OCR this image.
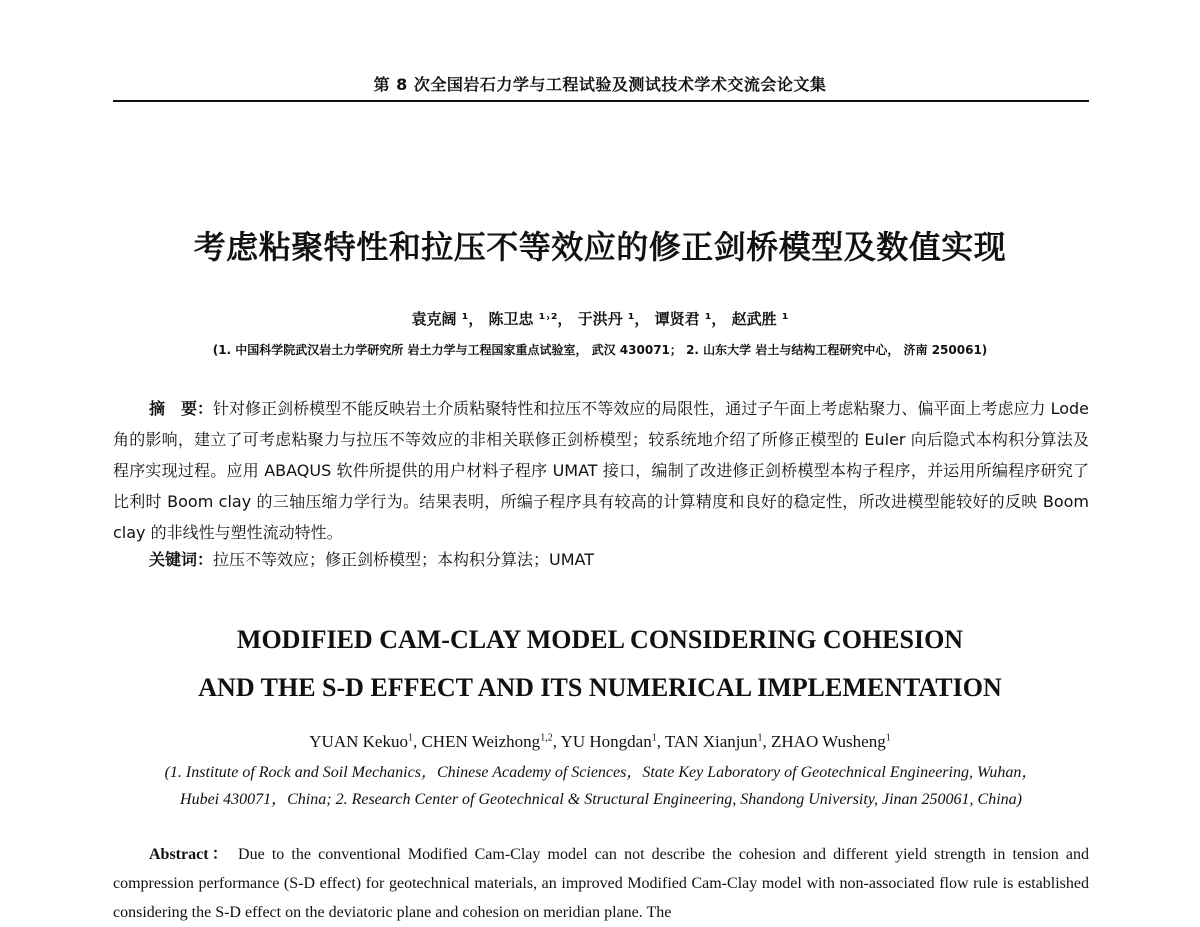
第 8 次全国岩石力学与工程试验及测试技术学术交流会论文集
考虑粘聚特性和拉压不等效应的修正剑桥模型及数值实现
袁克阔 ¹， 陈卫忠 ¹˒²， 于洪丹 ¹， 谭贤君 ¹， 赵武胜 ¹
(1. 中国科学院武汉岩土力学研究所 岩土力学与工程国家重点试验室， 武汉 430071； 2. 山东大学 岩土与结构工程研究中心， 济南 250061)

摘　要：针对修正剑桥模型不能反映岩土介质粘聚特性和拉压不等效应的局限性，通过子午面上考虑粘聚力、偏平面上考虑应力 Lode 角的影响，建立了可考虑粘聚力与拉压不等效应的非相关联修正剑桥模型；较系统地介绍了所修正模型的 Euler 向后隐式本构积分算法及程序实现过程。应用 ABAQUS 软件所提供的用户材料子程序 UMAT 接口，编制了改进修正剑桥模型本构子程序，并运用所编程序研究了比利时 Boom clay 的三轴压缩力学行为。结果表明，所编子程序具有较高的计算精度和良好的稳定性，所改进模型能较好的反映 Boom clay 的非线性与塑性流动特性。

关键词：拉压不等效应；修正剑桥模型；本构积分算法；UMAT
MODIFIED CAM-CLAY MODEL CONSIDERING COHESION
AND THE S-D EFFECT AND ITS NUMERICAL IMPLEMENTATION
YUAN Kekuo$^1$, CHEN Weizhong$^{1,2}$, YU Hongdan$^1$, TAN Xianjun$^1$, ZHAO Wusheng$^1$
(1. Institute of Rock and Soil Mechanics，Chinese Academy of Sciences，State Key Laboratory of Geotechnical Engineering, Wuhan，
Hubei 430071，China; 2. Research Center of Geotechnical & Structural Engineering, Shandong University, Jinan 250061, China)

Abstract： Due to the conventional Modified Cam-Clay model can not describe the cohesion and different yield strength in tension and compression performance (S-D effect) for geotechnical materials, an improved Modified Cam-Clay model with non-associated flow rule is established considering the S-D effect on the deviatoric plane and cohesion on meridian plane. The
